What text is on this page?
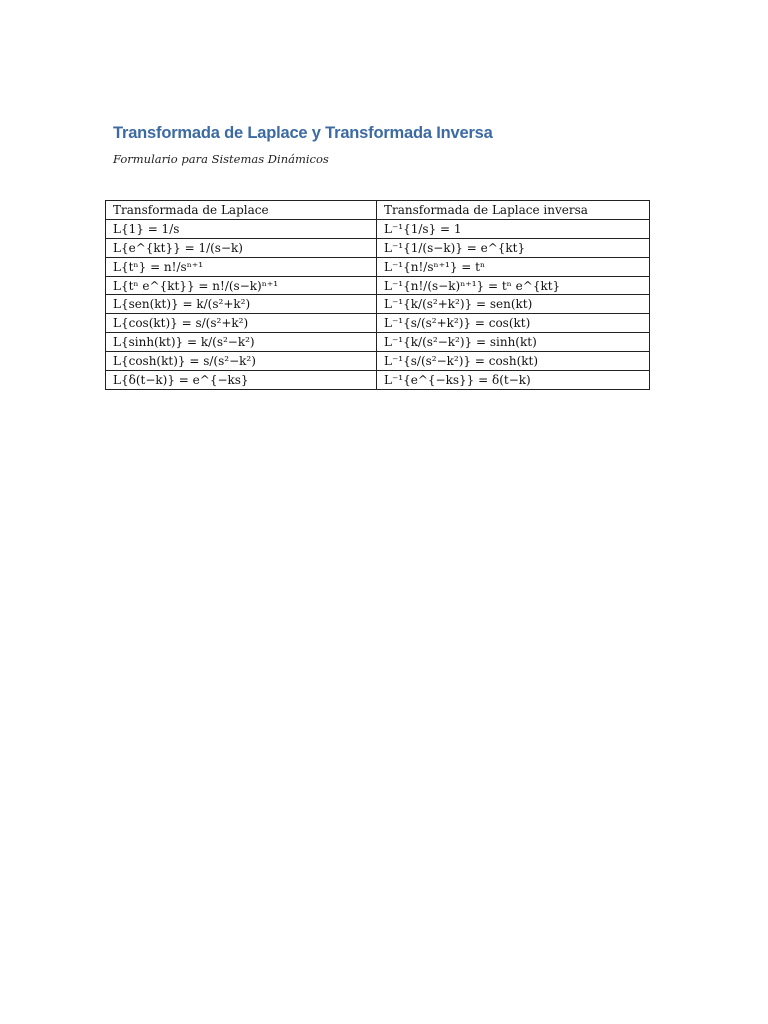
Transformada de Laplace y Transformada Inversa

Formulario para Sistemas Dinámicos

Transformada de Laplace	Transformada de Laplace inversa
L{1} = 1/s	L⁻¹{1/s} = 1
L{e^{kt}} = 1/(s−k)	L⁻¹{1/(s−k)} = e^{kt}
L{tⁿ} = n!/sⁿ⁺¹	L⁻¹{n!/sⁿ⁺¹} = tⁿ
L{tⁿ e^{kt}} = n!/(s−k)ⁿ⁺¹	L⁻¹{n!/(s−k)ⁿ⁺¹} = tⁿ e^{kt}
L{sen(kt)} = k/(s²+k²)	L⁻¹{k/(s²+k²)} = sen(kt)
L{cos(kt)} = s/(s²+k²)	L⁻¹{s/(s²+k²)} = cos(kt)
L{sinh(kt)} = k/(s²−k²)	L⁻¹{k/(s²−k²)} = sinh(kt)
L{cosh(kt)} = s/(s²−k²)	L⁻¹{s/(s²−k²)} = cosh(kt)
L{δ(t−k)} = e^{−ks}	L⁻¹{e^{−ks}} = δ(t−k)
